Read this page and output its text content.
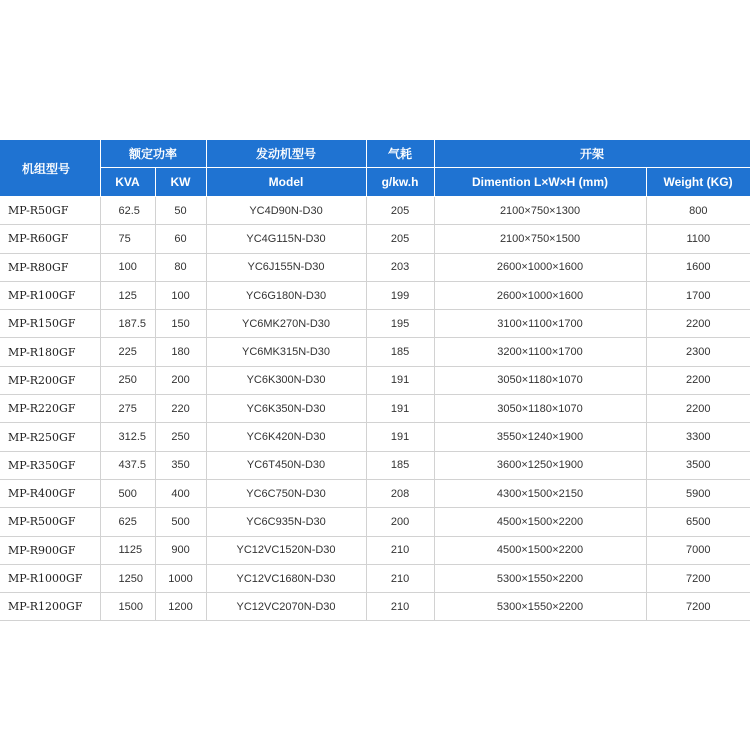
机组型号	额定功率		发动机型号	气耗	开架	
	KVA	KW	Model	g/kw.h	Dimention L×W×H (mm)	Weight (KG)
MP-R50GF	62.5	50	YC4D90N-D30	205	2100×750×1300	800
MP-R60GF	75	60	YC4G115N-D30	205	2100×750×1500	1100
MP-R80GF	100	80	YC6J155N-D30	203	2600×1000×1600	1600
MP-R100GF	125	100	YC6G180N-D30	199	2600×1000×1600	1700
MP-R150GF	187.5	150	YC6MK270N-D30	195	3100×1100×1700	2200
MP-R180GF	225	180	YC6MK315N-D30	185	3200×1100×1700	2300
MP-R200GF	250	200	YC6K300N-D30	191	3050×1180×1070	2200
MP-R220GF	275	220	YC6K350N-D30	191	3050×1180×1070	2200
MP-R250GF	312.5	250	YC6K420N-D30	191	3550×1240×1900	3300
MP-R350GF	437.5	350	YC6T450N-D30	185	3600×1250×1900	3500
MP-R400GF	500	400	YC6C750N-D30	208	4300×1500×2150	5900
MP-R500GF	625	500	YC6C935N-D30	200	4500×1500×2200	6500
MP-R900GF	1125	900	YC12VC1520N-D30	210	4500×1500×2200	7000
MP-R1000GF	1250	1000	YC12VC1680N-D30	210	5300×1550×2200	7200
MP-R1200GF	1500	1200	YC12VC2070N-D30	210	5300×1550×2200	7200
